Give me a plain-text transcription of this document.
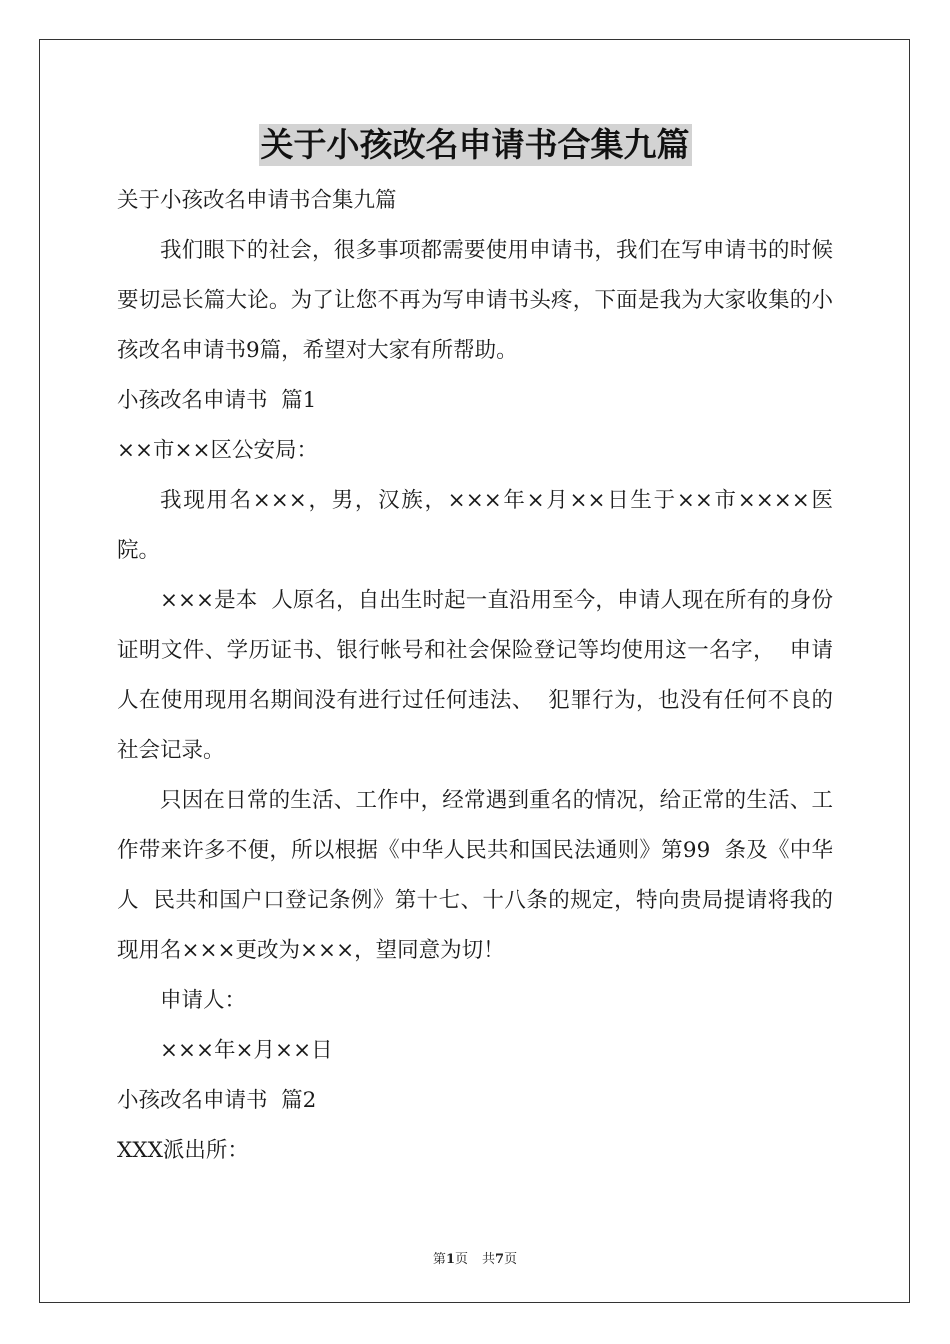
关于小孩改名申请书合集九篇

关于小孩改名申请书合集九篇

我们眼下的社会，很多事项都需要使用申请书，我们在写申请书的时候要切忌长篇大论。为了让您不再为写申请书头疼，下面是我为大家收集的小孩改名申请书9篇，希望对大家有所帮助。

小孩改名申请书  篇1

××市××区公安局：

我现用名×××，男，汉族，×××年×月××日生于××市××××医院。

×××是本  人原名，自出生时起一直沿用至今，申请人现在所有的身份证明文件、学历证书、银行帐号和社会保险登记等均使用这一名字，  申请人在使用现用名期间没有进行过任何违法、  犯罪行为，也没有任何不良的社会记录。

只因在日常的生活、工作中，经常遇到重名的情况，给正常的生活、工作带来许多不便，所以根据《中华人民共和国民法通则》第99  条及《中华人  民共和国户口登记条例》第十七、十八条的规定，特向贵局提请将我的现用名×××更改为×××，望同意为切！

申请人：

×××年×月××日

小孩改名申请书  篇2

XXX派出所：

第1页 共7页
